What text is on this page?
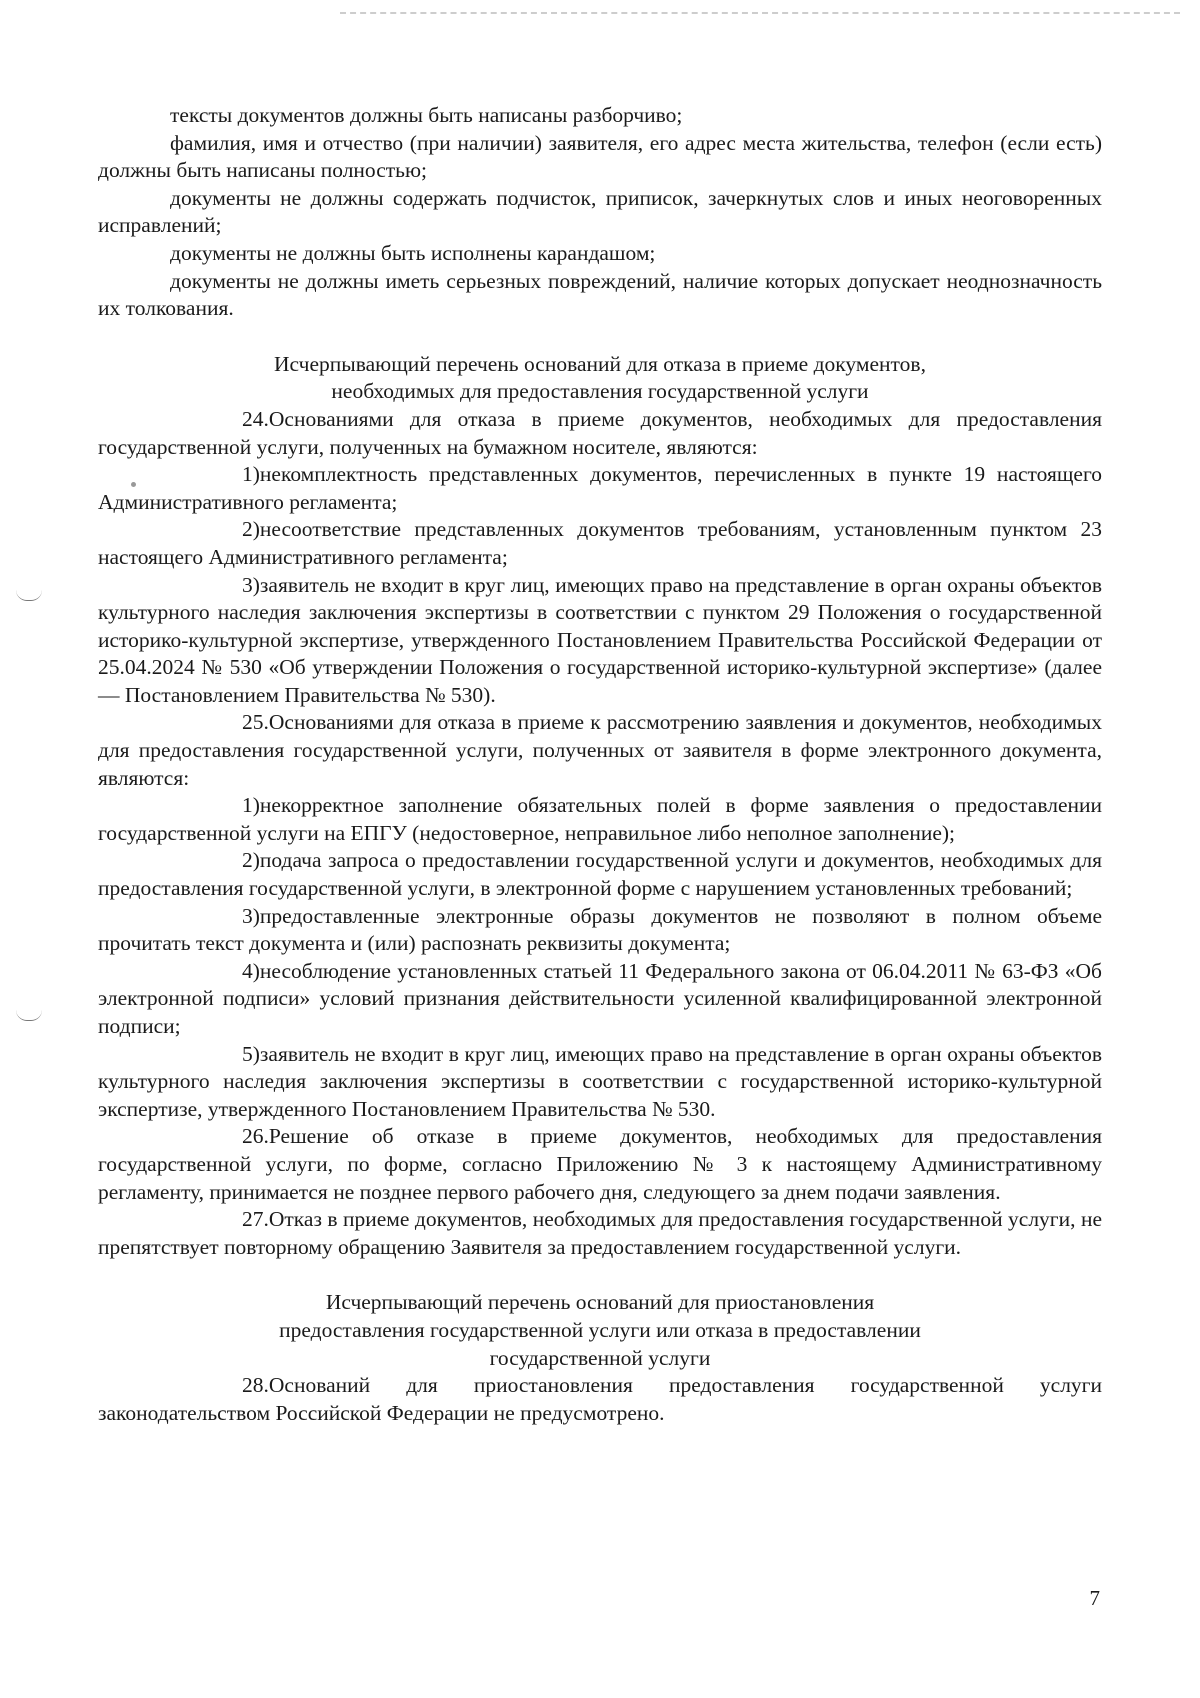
тексты документов должны быть написаны разборчиво;

фамилия, имя и отчество (при наличии) заявителя, его адрес места жительства, телефон (если есть) должны быть написаны полностью;

документы не должны содержать подчисток, приписок, зачеркнутых слов и иных неоговоренных исправлений;

документы не должны быть исполнены карандашом;

документы не должны иметь серьезных повреждений, наличие которых допускает неоднозначность их толкования.

Исчерпывающий перечень оснований для отказа в приеме документов,
необходимых для предоставления государственной услуги

24.Основаниями для отказа в приеме документов, необходимых для предоставления государственной услуги, полученных на бумажном носителе, являются:

1)некомплектность представленных документов, перечисленных в пункте 19 настоящего Административного регламента;

2)несоответствие представленных документов требованиям, установленным пунктом 23 настоящего Административного регламента;

3)заявитель не входит в круг лиц, имеющих право на представление в орган охраны объектов культурного наследия заключения экспертизы в соответствии с пунктом 29 Положения о государственной историко-культурной экспертизе, утвержденного Постановлением Правительства Российской Федерации от 25.04.2024 № 530 «Об утверждении Положения о государственной историко-культурной экспертизе» (далее — Постановлением Правительства № 530).

25.Основаниями для отказа в приеме к рассмотрению заявления и документов, необходимых для предоставления государственной услуги, полученных от заявителя в форме электронного документа, являются:

1)некорректное заполнение обязательных полей в форме заявления о предоставлении государственной услуги на ЕПГУ (недостоверное, неправильное либо неполное заполнение);

2)подача запроса о предоставлении государственной услуги и документов, необходимых для предоставления государственной услуги, в электронной форме с нарушением установленных требований;

3)предоставленные электронные образы документов не позволяют в полном объеме прочитать текст документа и (или) распознать реквизиты документа;

4)несоблюдение установленных статьей 11 Федерального закона от 06.04.2011 № 63-ФЗ «Об электронной подписи» условий признания действительности усиленной квалифицированной электронной подписи;

5)заявитель не входит в круг лиц, имеющих право на представление в орган охраны объектов культурного наследия заключения экспертизы в соответствии с государственной историко-культурной экспертизе, утвержденного Постановлением Правительства № 530.

26.Решение об отказе в приеме документов, необходимых для предоставления государственной услуги, по форме, согласно Приложению № 3 к настоящему Административному регламенту, принимается не позднее первого рабочего дня, следующего за днем подачи заявления.

27.Отказ в приеме документов, необходимых для предоставления государственной услуги, не препятствует повторному обращению Заявителя за предоставлением государственной услуги.

Исчерпывающий перечень оснований для приостановления
предоставления государственной услуги или отказа в предоставлении
государственной услуги

28.Оснований для приостановления предоставления государственной услуги законодательством Российской Федерации не предусмотрено.

7
